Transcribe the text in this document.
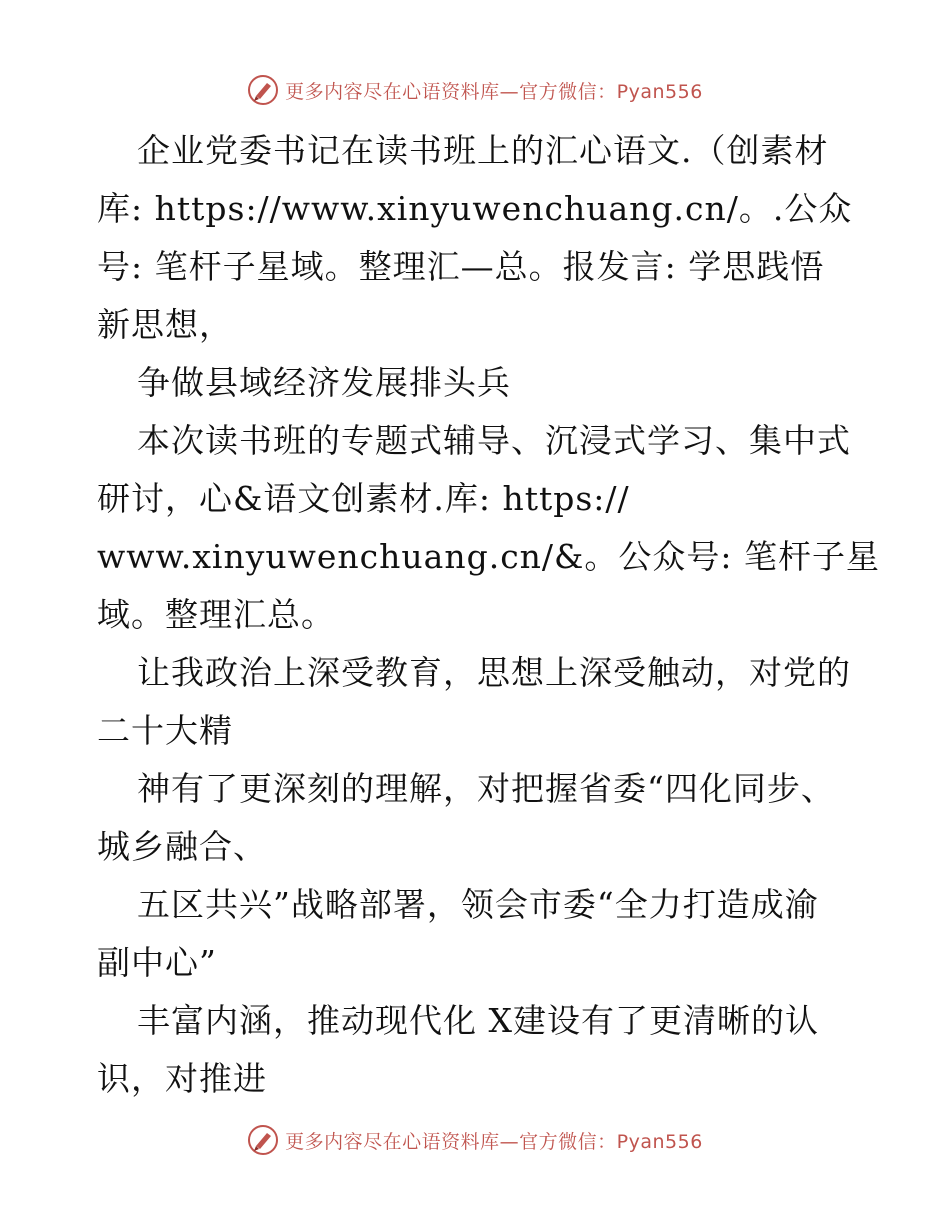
更多内容尽在心语资料库—官方微信：Pyan556
企业党委书记在读书班上的汇心语文.（创素材
库: https://www.xinyuwenchuang.cn/。.公众
号: 笔杆子星域。整理汇—总。报发言: 学思践悟
新思想，
争做县域经济发展排头兵
本次读书班的专题式辅导、沉浸式学习、集中式
研讨，心&语文创素材.库: https://
www.xinyuwenchuang.cn/&。公众号: 笔杆子星
域。整理汇总。
让我政治上深受教育，思想上深受触动，对党的
二十大精
神有了更深刻的理解，对把握省委“四化同步、
城乡融合、
五区共兴”战略部署，领会市委“全力打造成渝
副中心”
丰富内涵，推动现代化 X建设有了更清晰的认
识，对推进
更多内容尽在心语资料库—官方微信：Pyan556
